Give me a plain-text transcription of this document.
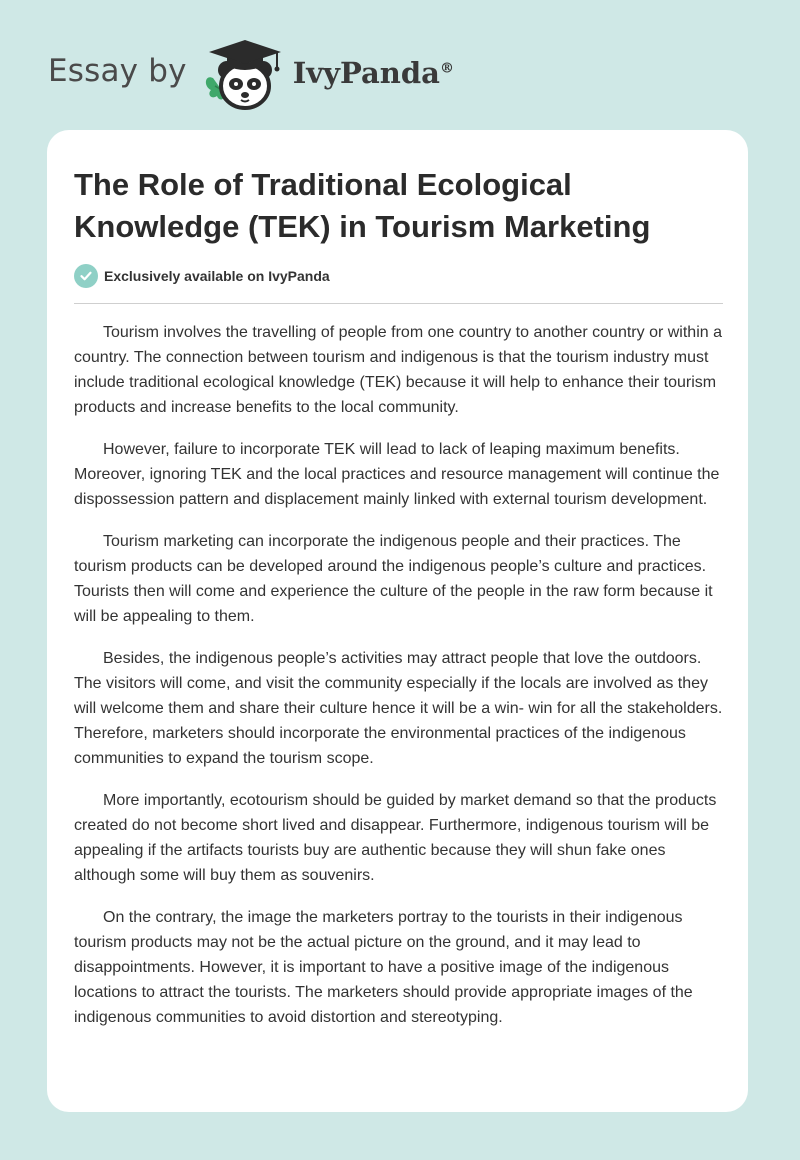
Essay by	IvyPanda®
The Role of Traditional Ecological Knowledge (TEK) in Tourism Marketing
Exclusively available on IvyPanda

Tourism involves the travelling of people from one country to another country or within a country. The connection between tourism and indigenous is that the tourism industry must include traditional ecological knowledge (TEK) because it will help to enhance their tourism products and increase benefits to the local community.

However, failure to incorporate TEK will lead to lack of leaping maximum benefits. Moreover, ignoring TEK and the local practices and resource management will continue the dispossession pattern and displacement mainly linked with external tourism development.

Tourism marketing can incorporate the indigenous people and their practices. The tourism products can be developed around the indigenous people’s culture and practices. Tourists then will come and experience the culture of the people in the raw form because it will be appealing to them.

Besides, the indigenous people’s activities may attract people that love the outdoors. The visitors will come, and visit the community especially if the locals are involved as they will welcome them and share their culture hence it will be a win- win for all the stakeholders. Therefore, marketers should incorporate the environmental practices of the indigenous communities to expand the tourism scope.

More importantly, ecotourism should be guided by market demand so that the products created do not become short lived and disappear. Furthermore, indigenous tourism will be appealing if the artifacts tourists buy are authentic because they will shun fake ones although some will buy them as souvenirs.

On the contrary, the image the marketers portray to the tourists in their indigenous tourism products may not be the actual picture on the ground, and it may lead to disappointments. However, it is important to have a positive image of the indigenous locations to attract the tourists. The marketers should provide appropriate images of the indigenous communities to avoid distortion and stereotyping.
